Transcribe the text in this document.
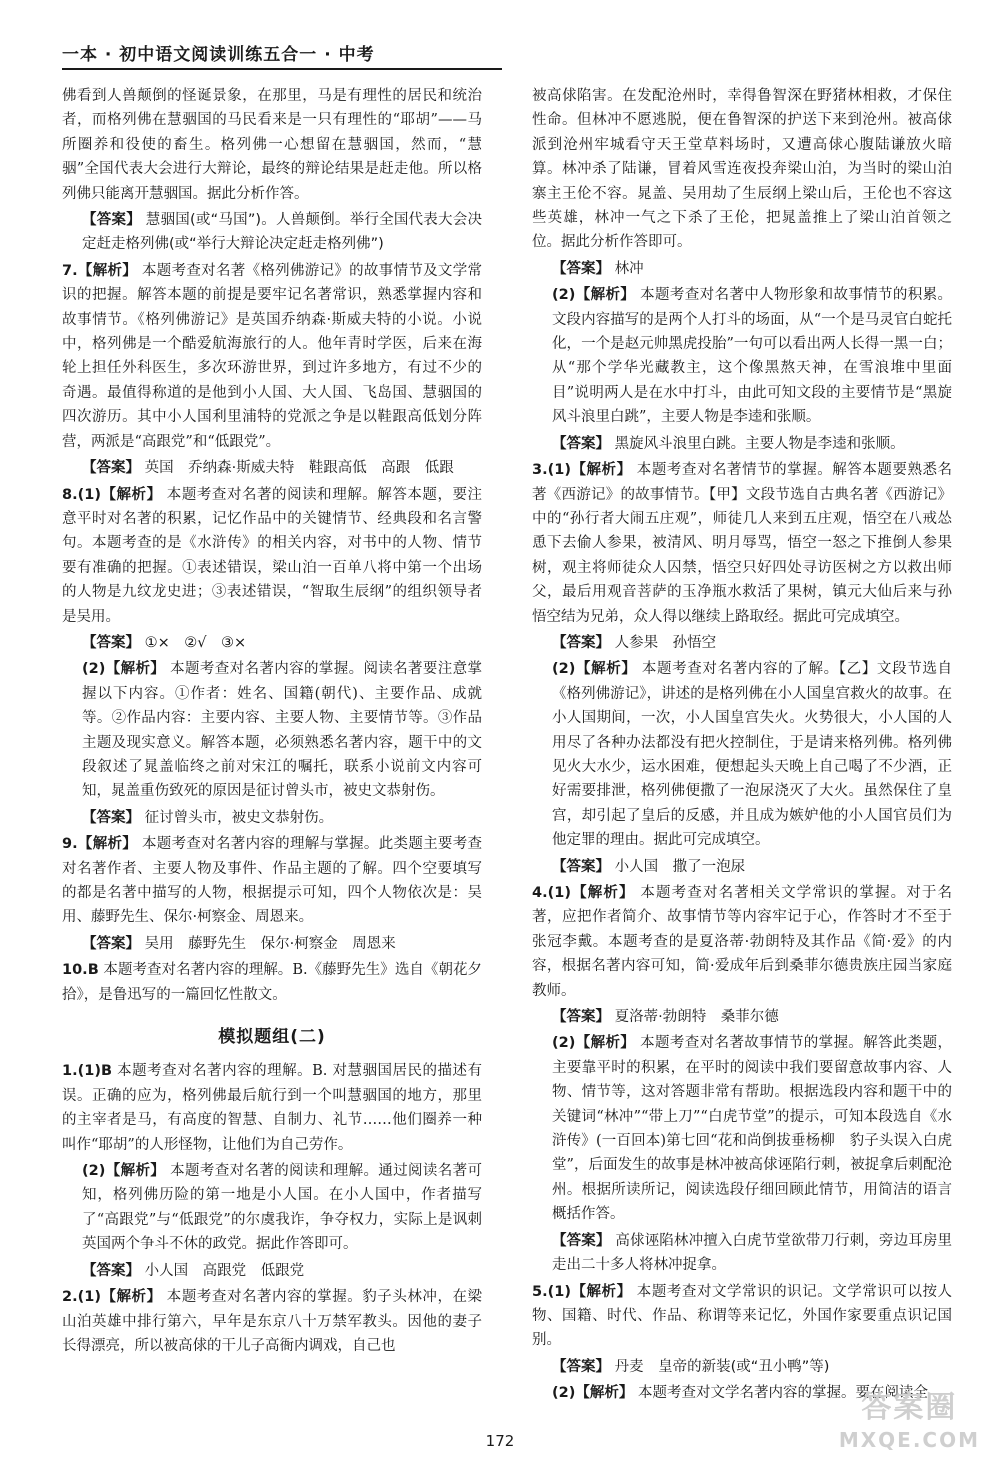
一本 · 初中语文阅读训练五合一 · 中考

佛看到人兽颠倒的怪诞景象，在那里，马是有理性的居民和统治者，而格列佛在慧骃国的马民看来是一只有理性的“耶胡”——马所圈养和役使的畜生。格列佛一心想留在慧骃国，然而，“慧骃”全国代表大会进行大辩论，最终的辩论结果是赶走他。所以格列佛只能离开慧骃国。据此分析作答。

【答案】 慧骃国(或“马国”)。人兽颠倒。举行全国代表大会决定赶走格列佛(或“举行大辩论决定赶走格列佛”)

7.【解析】 本题考查对名著《格列佛游记》的故事情节及文学常识的把握。解答本题的前提是要牢记名著常识，熟悉掌握内容和故事情节。《格列佛游记》是英国乔纳森·斯威夫特的小说。小说中，格列佛是一个酷爱航海旅行的人。他年青时学医，后来在海轮上担任外科医生，多次环游世界，到过许多地方，有过不少的奇遇。最值得称道的是他到小人国、大人国、飞岛国、慧骃国的四次游历。其中小人国利里浦特的党派之争是以鞋跟高低划分阵营，两派是“高跟党”和“低跟党”。

【答案】 英国　乔纳森·斯威夫特　鞋跟高低　高跟　低跟

8.(1)【解析】 本题考查对名著的阅读和理解。解答本题，要注意平时对名著的积累，记忆作品中的关键情节、经典段和名言警句。本题考查的是《水浒传》的相关内容，对书中的人物、情节要有准确的把握。①表述错误，梁山泊一百单八将中第一个出场的人物是九纹龙史进；③表述错误，“智取生辰纲”的组织领导者是吴用。

【答案】 ①×　②√　③×

(2)【解析】 本题考查对名著内容的掌握。阅读名著要注意掌握以下内容。①作者：姓名、国籍(朝代)、主要作品、成就等。②作品内容：主要内容、主要人物、主要情节等。③作品主题及现实意义。解答本题，必须熟悉名著内容，题干中的文段叙述了晁盖临终之前对宋江的嘱托，联系小说前文内容可知，晁盖重伤致死的原因是征讨曾头市，被史文恭射伤。

【答案】 征讨曾头市，被史文恭射伤。

9.【解析】 本题考查对名著内容的理解与掌握。此类题主要考查对名著作者、主要人物及事件、作品主题的了解。四个空要填写的都是名著中描写的人物，根据提示可知，四个人物依次是：吴用、藤野先生、保尔·柯察金、周恩来。

【答案】 吴用　藤野先生　保尔·柯察金　周恩来

10.B 本题考查对名著内容的理解。B.《藤野先生》选自《朝花夕拾》，是鲁迅写的一篇回忆性散文。

模拟题组(二)

1.(1)B 本题考查对名著内容的理解。B. 对慧骃国居民的描述有误。正确的应为，格列佛最后航行到一个叫慧骃国的地方，那里的主宰者是马，有高度的智慧、自制力、礼节……他们圈养一种叫作“耶胡”的人形怪物，让他们为自己劳作。

(2)【解析】 本题考查对名著的阅读和理解。通过阅读名著可知，格列佛历险的第一地是小人国。在小人国中，作者描写了“高跟党”与“低跟党”的尔虞我诈，争夺权力，实际上是讽刺英国两个争斗不休的政党。据此作答即可。

【答案】 小人国　高跟党　低跟党

2.(1)【解析】 本题考查对名著内容的掌握。豹子头林冲，在梁山泊英雄中排行第六，早年是东京八十万禁军教头。因他的妻子长得漂亮，所以被高俅的干儿子高衙内调戏，自己也

被高俅陷害。在发配沧州时，幸得鲁智深在野猪林相救，才保住性命。但林冲不愿逃脱，便在鲁智深的护送下来到沧州。被高俅派到沧州牢城看守天王堂草料场时，又遭高俅心腹陆谦放火暗算。林冲杀了陆谦，冒着风雪连夜投奔梁山泊，为当时的梁山泊寨主王伦不容。晁盖、吴用劫了生辰纲上梁山后，王伦也不容这些英雄，林冲一气之下杀了王伦，把晁盖推上了梁山泊首领之位。据此分析作答即可。

【答案】 林冲

(2)【解析】 本题考查对名著中人物形象和故事情节的积累。文段内容描写的是两个人打斗的场面，从“一个是马灵官白蛇托化，一个是赵元帅黑虎投胎”一句可以看出两人长得一黑一白；从“那个学华光藏教主，这个像黑熬天神，在雪浪堆中里面目”说明两人是在水中打斗，由此可知文段的主要情节是“黑旋风斗浪里白跳”，主要人物是李逵和张顺。

【答案】 黑旋风斗浪里白跳。主要人物是李逵和张顺。

3.(1)【解析】 本题考查对名著情节的掌握。解答本题要熟悉名著《西游记》的故事情节。【甲】文段节选自古典名著《西游记》中的“孙行者大闹五庄观”，师徒几人来到五庄观，悟空在八戒怂恿下去偷人参果，被清风、明月辱骂，悟空一怒之下推倒人参果树，观主将师徒众人囚禁，悟空只好四处寻访医树之方以救出师父，最后用观音菩萨的玉净瓶水救活了果树，镇元大仙后来与孙悟空结为兄弟，众人得以继续上路取经。据此可完成填空。

【答案】 人参果　孙悟空

(2)【解析】 本题考查对名著内容的了解。【乙】文段节选自《格列佛游记》，讲述的是格列佛在小人国皇宫救火的故事。在小人国期间，一次，小人国皇宫失火。火势很大，小人国的人用尽了各种办法都没有把火控制住，于是请来格列佛。格列佛见火大水少，运水困难，便想起头天晚上自己喝了不少酒，正好需要排泄，格列佛便撒了一泡尿浇灭了大火。虽然保住了皇宫，却引起了皇后的反感，并且成为嫉妒他的小人国官员们为他定罪的理由。据此可完成填空。

【答案】 小人国　撒了一泡尿

4.(1)【解析】 本题考查对名著相关文学常识的掌握。对于名著，应把作者简介、故事情节等内容牢记于心，作答时才不至于张冠李戴。本题考查的是夏洛蒂·勃朗特及其作品《简·爱》的内容，根据名著内容可知，简·爱成年后到桑菲尔德贵族庄园当家庭教师。

【答案】 夏洛蒂·勃朗特　桑菲尔德

(2)【解析】 本题考查对名著故事情节的掌握。解答此类题，主要靠平时的积累，在平时的阅读中我们要留意故事内容、人物、情节等，这对答题非常有帮助。根据选段内容和题干中的关键词“林冲”“带上刀”“白虎节堂”的提示，可知本段选自《水浒传》(一百回本)第七回“花和尚倒拔垂杨柳　豹子头误入白虎堂”，后面发生的故事是林冲被高俅诬陷行刺，被捉拿后刺配沧州。根据所读所记，阅读选段仔细回顾此情节，用简洁的语言概括作答。

【答案】 高俅诬陷林冲擅入白虎节堂欲带刀行刺，旁边耳房里走出二十多人将林冲捉拿。

5.(1)【解析】 本题考查对文学常识的识记。文学常识可以按人物、国籍、时代、作品、称谓等来记忆，外国作家要重点识记国别。

【答案】 丹麦　皇帝的新装(或“丑小鸭”等)

(2)【解析】 本题考查对文学名著内容的掌握。要在阅读全

172
答案圈
MXQE.COM
